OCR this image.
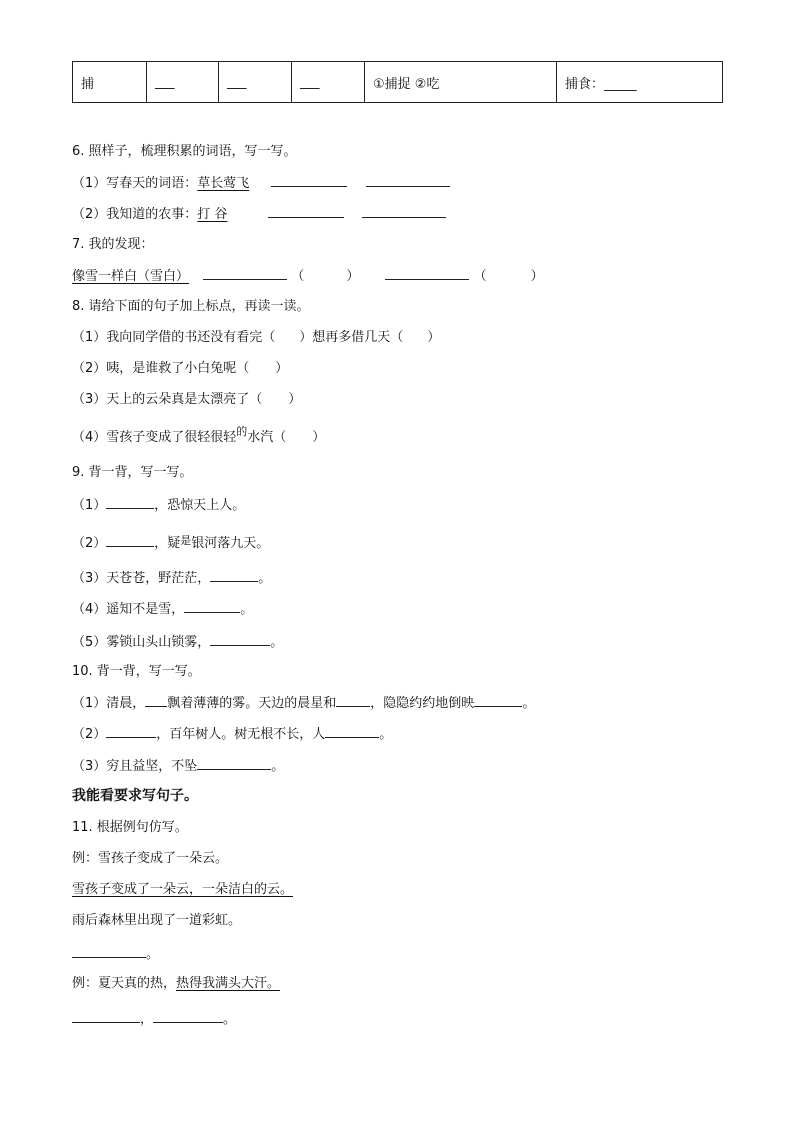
捕	___	___	___	①捕捉 ②吃	捕食：_____
6. 照样子，梳理积累的词语，写一写。
（1）写春天的词语：草长莺飞
（2）我知道的农事：打 谷
7. 我的发现：
像雪一样白（雪白）	（	）	（	）
8. 请给下面的句子加上标点，再读一读。
（1）我向同学借的书还没有看完（ ）想再多借几天（ ）
（2）咦，是谁救了小白兔呢（ ）
（3）天上的云朵真是太漂亮了（ ）
（4）雪孩子变成了很轻很轻$^的$水汽（ ）
9. 背一背，写一写。
（1）	，恐惊天上人。
（2）	，疑$^是$银河落九天。
（3）天苍苍，野茫茫，	。
（4）遥知不是雪，	。
（5）雾锁山头山锁雾，	。
10. 背一背，写一写。
（1）清晨， 飘着薄薄的雾。天边的晨星和	，隐隐约约地倒映	。
（2）	，百年树人。树无根不长，人	。
（3）穷且益坚，不坠	。
我能看要求写句子。
11. 根据例句仿写。
例：雪孩子变成了一朵云。
雪孩子变成了一朵云，一朵洁白的云。
雨后森林里出现了一道彩虹。
。
例：夏天真的热，热得我满头大汗。
，	。
